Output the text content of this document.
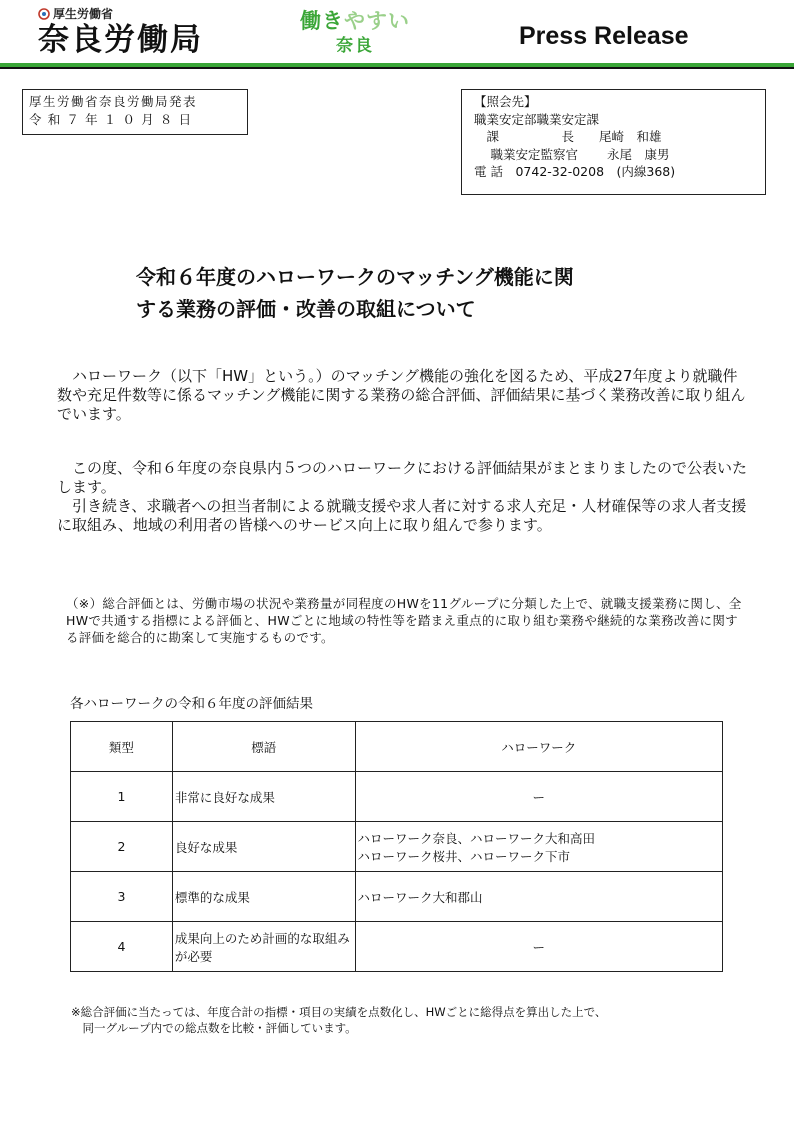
厚生労働省
奈良労働局
働きやすい
奈良	Press Release
厚生労働省奈良労働局発表
令和７年１０月８日
【照会先】
職業安定部職業安定課
　課　　　　　長　　尾崎　和雄
　 職業安定監察官　　 永尾　康男
電 話　0742-32-0208　(内線368)
令和６年度のハローワークのマッチング機能に関
する業務の評価・改善の取組について
　ハローワーク（以下「HW」という。）のマッチング機能の強化を図るため、平成27年度より就職件数や充足件数等に係るマッチング機能に関する業務の総合評価、評価結果に基づく業務改善に取り組んでいます。
　この度、令和６年度の奈良県内５つのハローワークにおける評価結果がまとまりましたので公表いたします。
　引き続き、求職者への担当者制による就職支援や求人者に対する求人充足・人材確保等の求人者支援に取組み、地域の利用者の皆様へのサービス向上に取り組んで参ります。
（※）総合評価とは、労働市場の状況や業務量が同程度のHWを11グループに分類した上で、就職支援業務に関し、全HWで共通する指標による評価と、HWごとに地域の特性等を踏まえ重点的に取り組む業務や継続的な業務改善に関する評価を総合的に勘案して実施するものです。
各ハローワークの令和６年度の評価結果
類型	標語	ハローワーク
1	非常に良好な成果	ー
2	良好な成果	ハローワーク奈良、ハローワーク大和高田
ハローワーク桜井、ハローワーク下市

3	標準的な成果	ハローワーク大和郡山
4	成果向上のため計画的な取組みが必要	ー
※総合評価に当たっては、年度合計の指標・項目の実績を点数化し、HWごとに総得点を算出した上で、
　同一グループ内での総点数を比較・評価しています。
